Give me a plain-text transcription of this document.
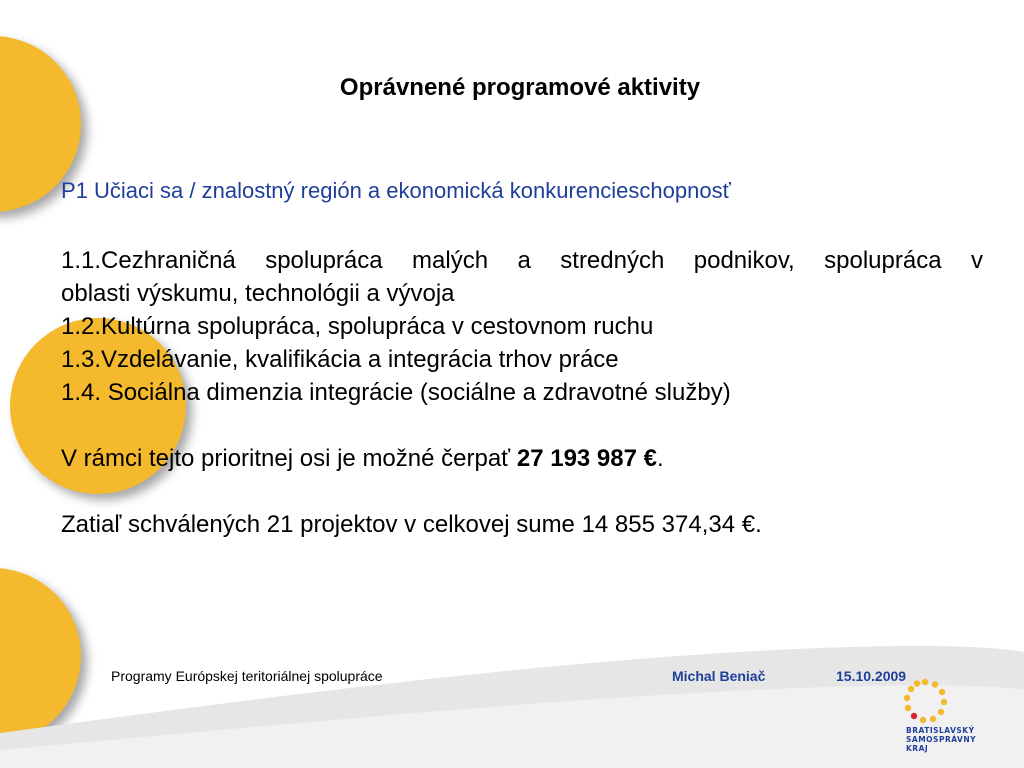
Oprávnené programové aktivity
P1 Učiaci sa / znalostný región a ekonomická konkurencieschopnosť

1.1.Cezhraničná spolupráca malých a stredných podnikov, spolupráca v

oblasti výskumu, technológii a vývoja

1.2.Kultúrna spolupráca, spolupráca v cestovnom ruchu

1.3.Vzdelávanie, kvalifikácia a integrácia trhov práce

1.4. Sociálna dimenzia integrácie (sociálne a zdravotné služby)

V rámci tejto prioritnej osi je možné čerpať 27 193 987 €.

Zatiaľ schválených 21 projektov v celkovej sume 14 855 374,34 €.

Programy Európskej teritoriálnej spolupráce	Michal Beniač	15.10.2009
BRATISLAVSKÝ
SAMOSPRÁVNY
KRAJ
